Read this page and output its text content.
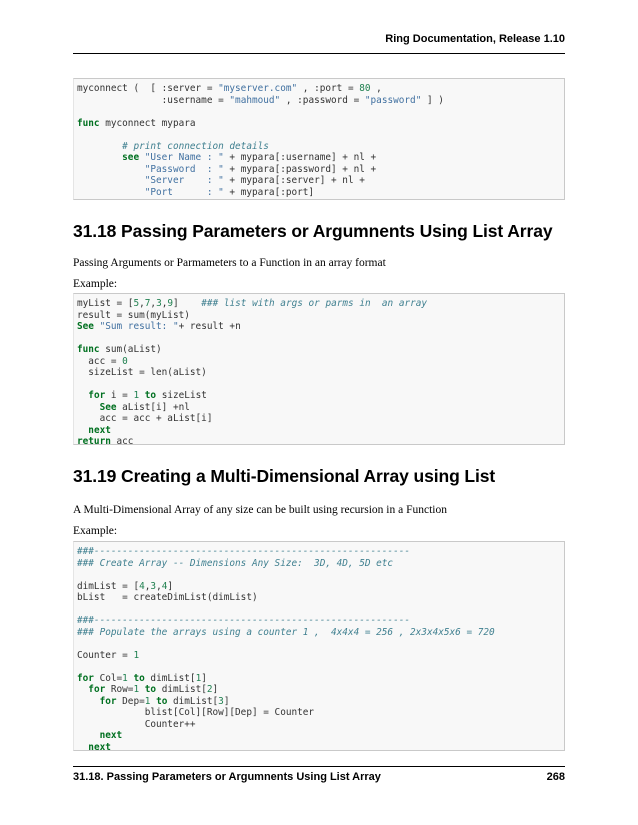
Ring Documentation, Release 1.10
myconnect (  [ :server = "myserver.com" , :port = 80 ,
:username = "mahmoud" , :password = "password" ] )

func myconnect mypara

# print connection details
see "User Name : " + mypara[:username] + nl +
"Password  : " + mypara[:password] + nl +
"Server    : " + mypara[:server] + nl +
"Port      : " + mypara[:port]
31.18 Passing Parameters or Argumnents Using List Array

Passing Arguments or Parmameters to a Function in an array format

Example:

myList = [5,7,3,9]    ### list with args or parms in  an array
result = sum(myList)
See "Sum result: "+ result +n

func sum(aList)
acc = 0
sizeList = len(aList)

for i = 1 to sizeList
See aList[i] +nl
acc = acc + aList[i]
next
return acc
31.19 Creating a Multi-Dimensional Array using List

A Multi-Dimensional Array of any size can be built using recursion in a Function

Example:

###--------------------------------------------------------
### Create Array -- Dimensions Any Size:  3D, 4D, 5D etc

dimList = [4,3,4]
bList   = createDimList(dimList)

###--------------------------------------------------------
### Populate the arrays using a counter 1 ,  4x4x4 = 256 , 2x3x4x5x6 = 720

Counter = 1

for Col=1 to dimList[1]
for Row=1 to dimList[2]
for Dep=1 to dimList[3]
blist[Col][Row][Dep] = Counter
Counter++
next
next
31.18. Passing Parameters or Argumnents Using List Array	268
